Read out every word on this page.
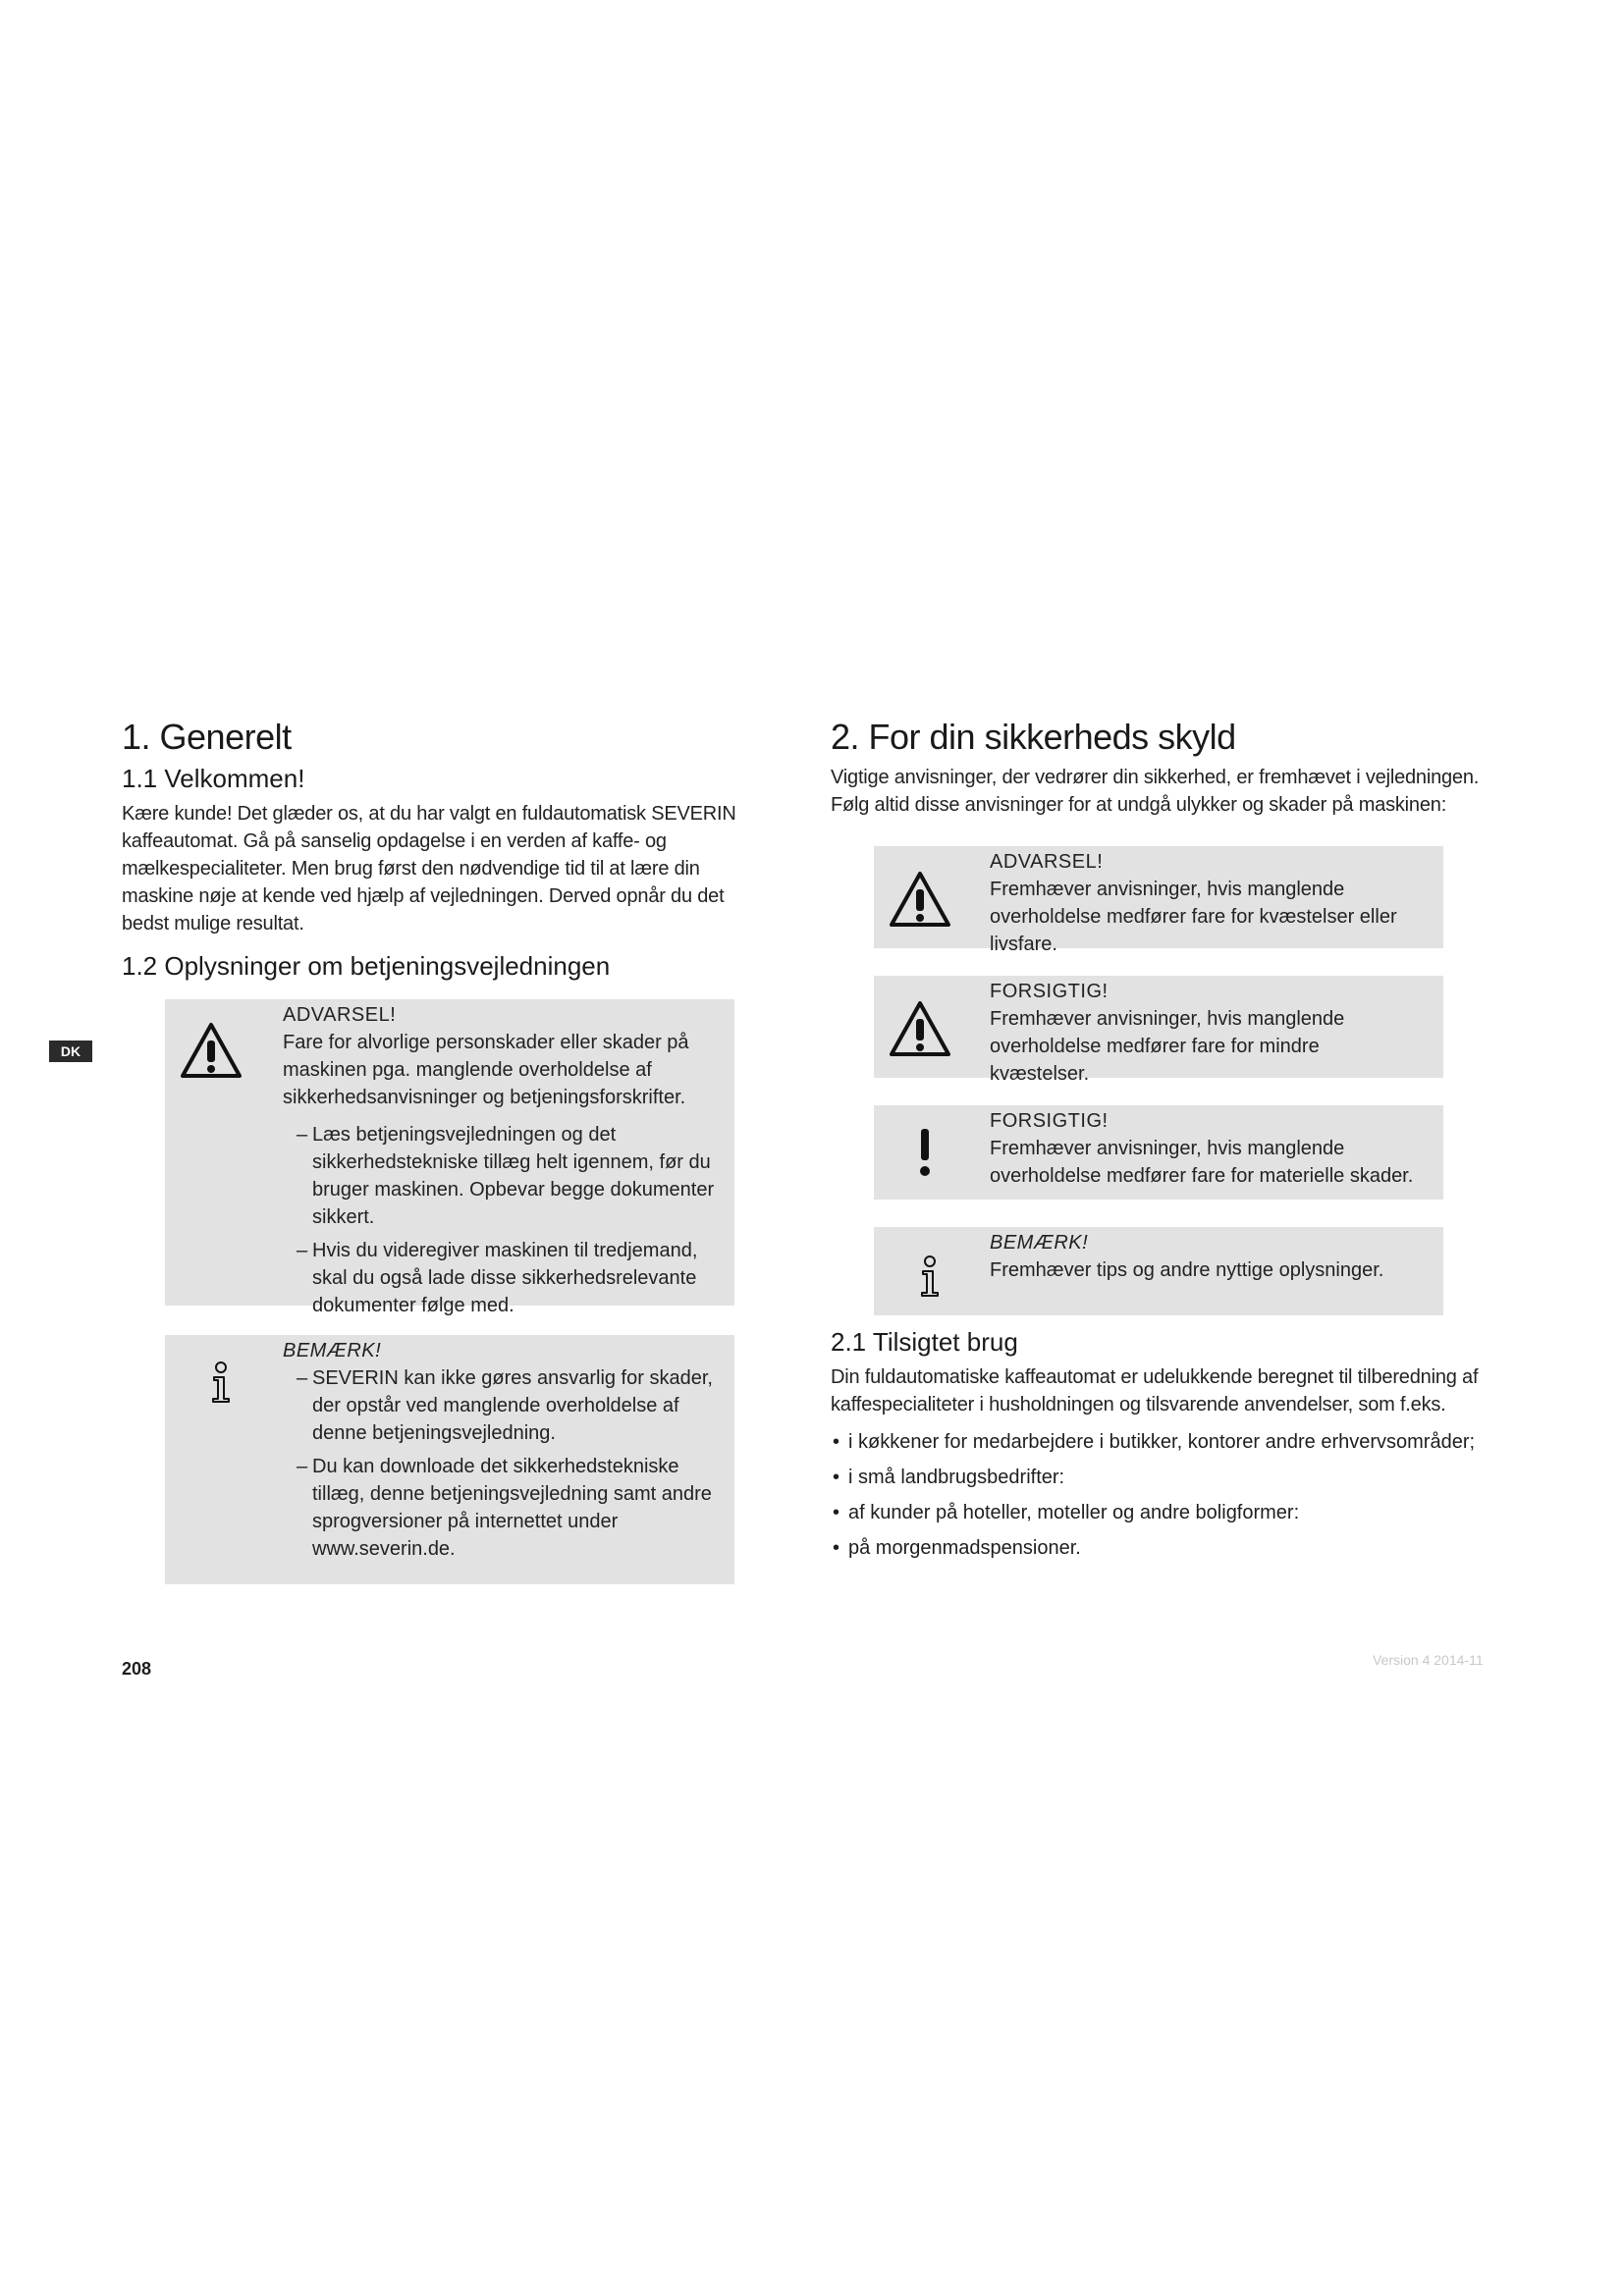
DK
1. Generelt
1.1 Velkommen!

Kære kunde! Det glæder os, at du har valgt en fuldautomatisk SEVERIN kaffeautomat. Gå på sanselig opdagelse i en verden af kaffe- og mælkespecialiteter. Men brug først den nødvendige tid til at lære din maskine nøje at kende ved hjælp af vejledningen. Derved opnår du det bedst mulige resultat.

1.2 Oplysninger om betjeningsvejledningen
ADVARSEL!
Fare for alvorlige personskader eller skader på maskinen pga. manglende overholdelse af sikkerhedsanvisninger og betjeningsforskrifter.
– Læs betjeningsvejledningen og det sikkerhedstekniske tillæg helt igennem, før du bruger maskinen. Opbevar begge dokumenter sikkert.
– Hvis du videregiver maskinen til tredjemand, skal du også lade disse sikkerhedsrelevante dokumenter følge med.
BEMÆRK!
– SEVERIN kan ikke gøres ansvarlig for skader, der opstår ved manglende overholdelse af denne betjeningsvejledning.
– Du kan downloade det sikkerhedstekniske tillæg, denne betjeningsvejledning samt andre sprogversioner på internettet under www.severin.de.
2. For din sikkerheds skyld

Vigtige anvisninger, der vedrører din sikkerhed, er fremhævet i vejledningen. Følg altid disse anvisninger for at undgå ulykker og skader på maskinen:

ADVARSEL!
Fremhæver anvisninger, hvis manglende overholdelse medfører fare for kvæstelser eller livsfare.
FORSIGTIG!
Fremhæver anvisninger, hvis manglende overholdelse medfører fare for mindre kvæstelser.
FORSIGTIG!
Fremhæver anvisninger, hvis manglende overholdelse medfører fare for materielle skader.
BEMÆRK!
Fremhæver tips og andre nyttige oplysninger.
2.1 Tilsigtet brug

Din fuldautomatiske kaffeautomat er udelukkende beregnet til tilberedning af kaffespecialiteter i husholdningen og tilsvarende anvendelser, som f.eks.

• i køkkener for medarbejdere i butikker, kontorer andre erhvervsområder;
• i små landbrugsbedrifter:
• af kunder på hoteller, moteller og andre boligformer:
• på morgenmadspensioner.
208	Version 4 2014-11
